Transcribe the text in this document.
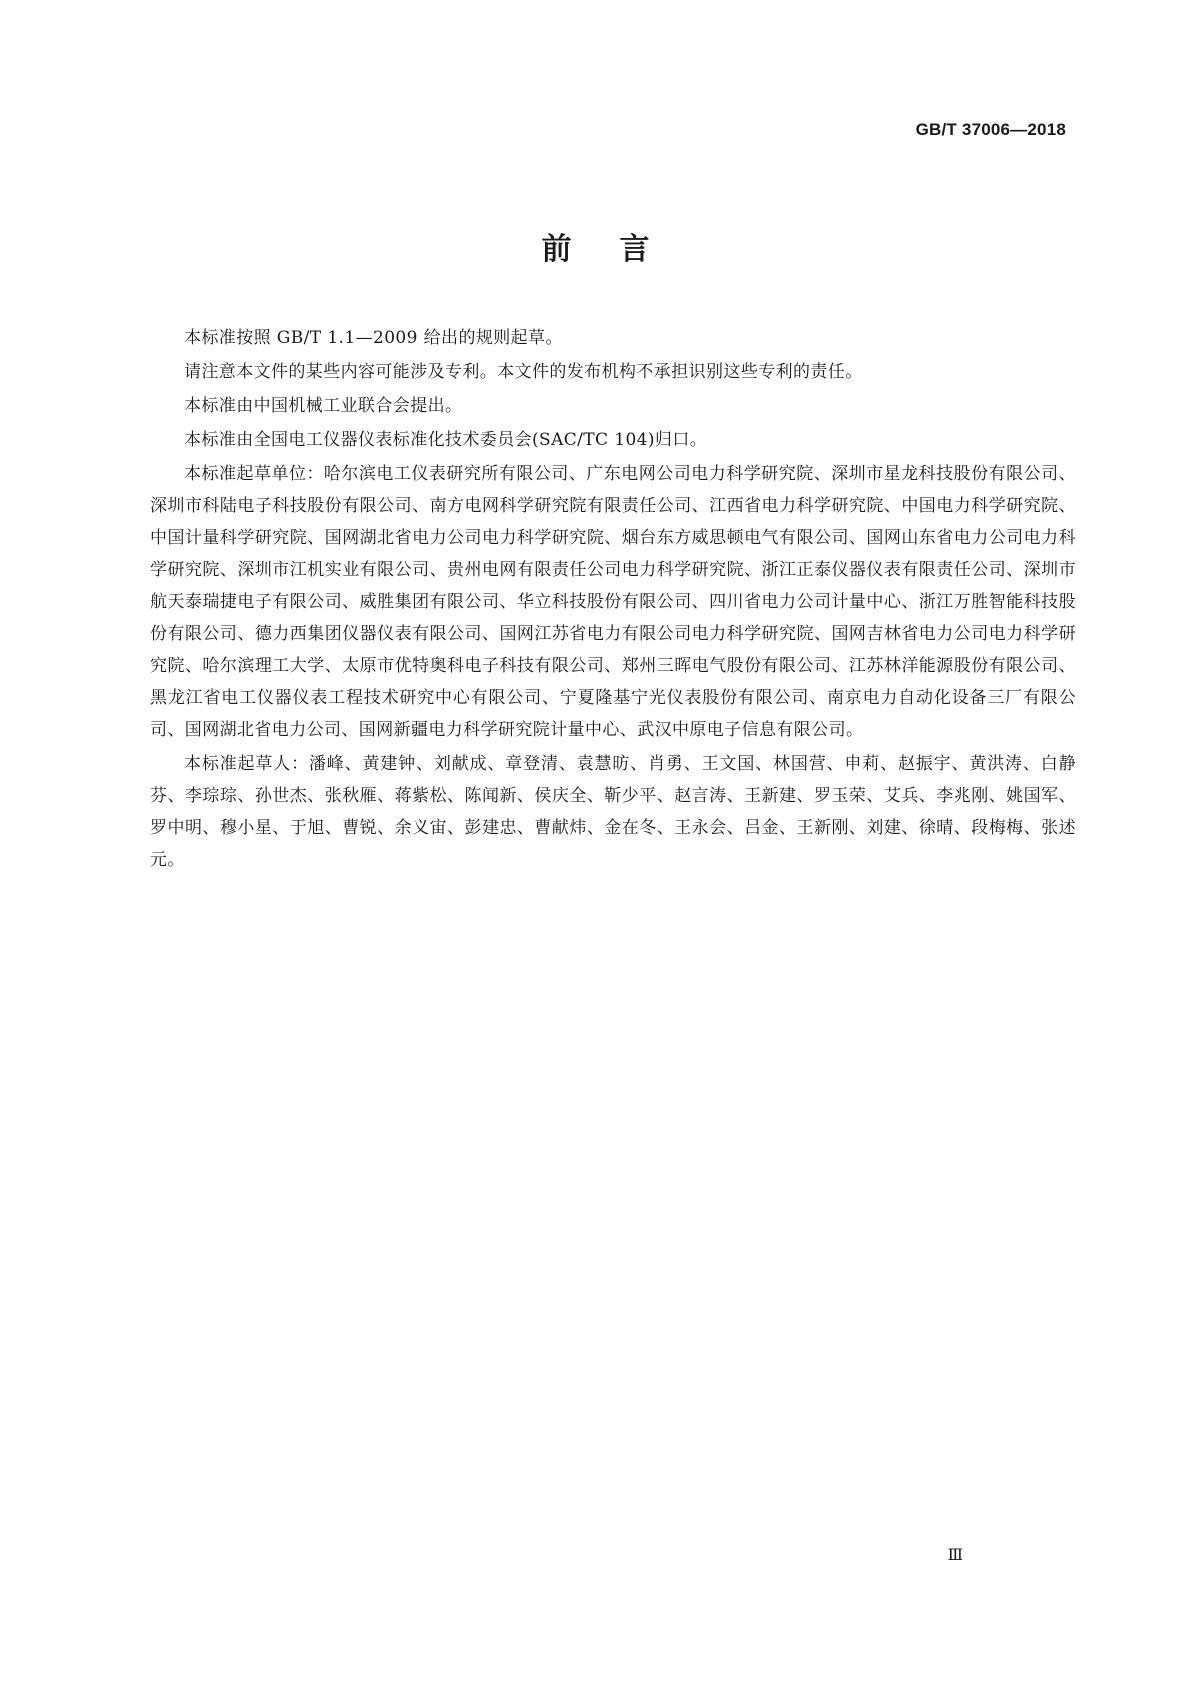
GB/T 37006—2018
前言

本标准按照 GB/T 1.1—2009 给出的规则起草。

请注意本文件的某些内容可能涉及专利。本文件的发布机构不承担识别这些专利的责任。

本标准由中国机械工业联合会提出。

本标准由全国电工仪器仪表标准化技术委员会(SAC/TC 104)归口。

本标准起草单位：哈尔滨电工仪表研究所有限公司、广东电网公司电力科学研究院、深圳市星龙科技股份有限公司、深圳市科陆电子科技股份有限公司、南方电网科学研究院有限责任公司、江西省电力科学研究院、中国电力科学研究院、中国计量科学研究院、国网湖北省电力公司电力科学研究院、烟台东方威思顿电气有限公司、国网山东省电力公司电力科学研究院、深圳市江机实业有限公司、贵州电网有限责任公司电力科学研究院、浙江正泰仪器仪表有限责任公司、深圳市航天泰瑞捷电子有限公司、威胜集团有限公司、华立科技股份有限公司、四川省电力公司计量中心、浙江万胜智能科技股份有限公司、德力西集团仪器仪表有限公司、国网江苏省电力有限公司电力科学研究院、国网吉林省电力公司电力科学研究院、哈尔滨理工大学、太原市优特奥科电子科技有限公司、郑州三晖电气股份有限公司、江苏林洋能源股份有限公司、黑龙江省电工仪器仪表工程技术研究中心有限公司、宁夏隆基宁光仪表股份有限公司、南京电力自动化设备三厂有限公司、国网湖北省电力公司、国网新疆电力科学研究院计量中心、武汉中原电子信息有限公司。

本标准起草人：潘峰、黄建钟、刘献成、章登清、袁慧昉、肖勇、王文国、林国营、申莉、赵振宇、黄洪涛、白静芬、李琮琮、孙世杰、张秋雁、蒋紫松、陈闻新、侯庆全、靳少平、赵言涛、王新建、罗玉荣、艾兵、李兆刚、姚国军、罗中明、穆小星、于旭、曹锐、余义宙、彭建忠、曹献炜、金在冬、王永会、吕金、王新刚、刘建、徐晴、段梅梅、张述元。

Ⅲ
